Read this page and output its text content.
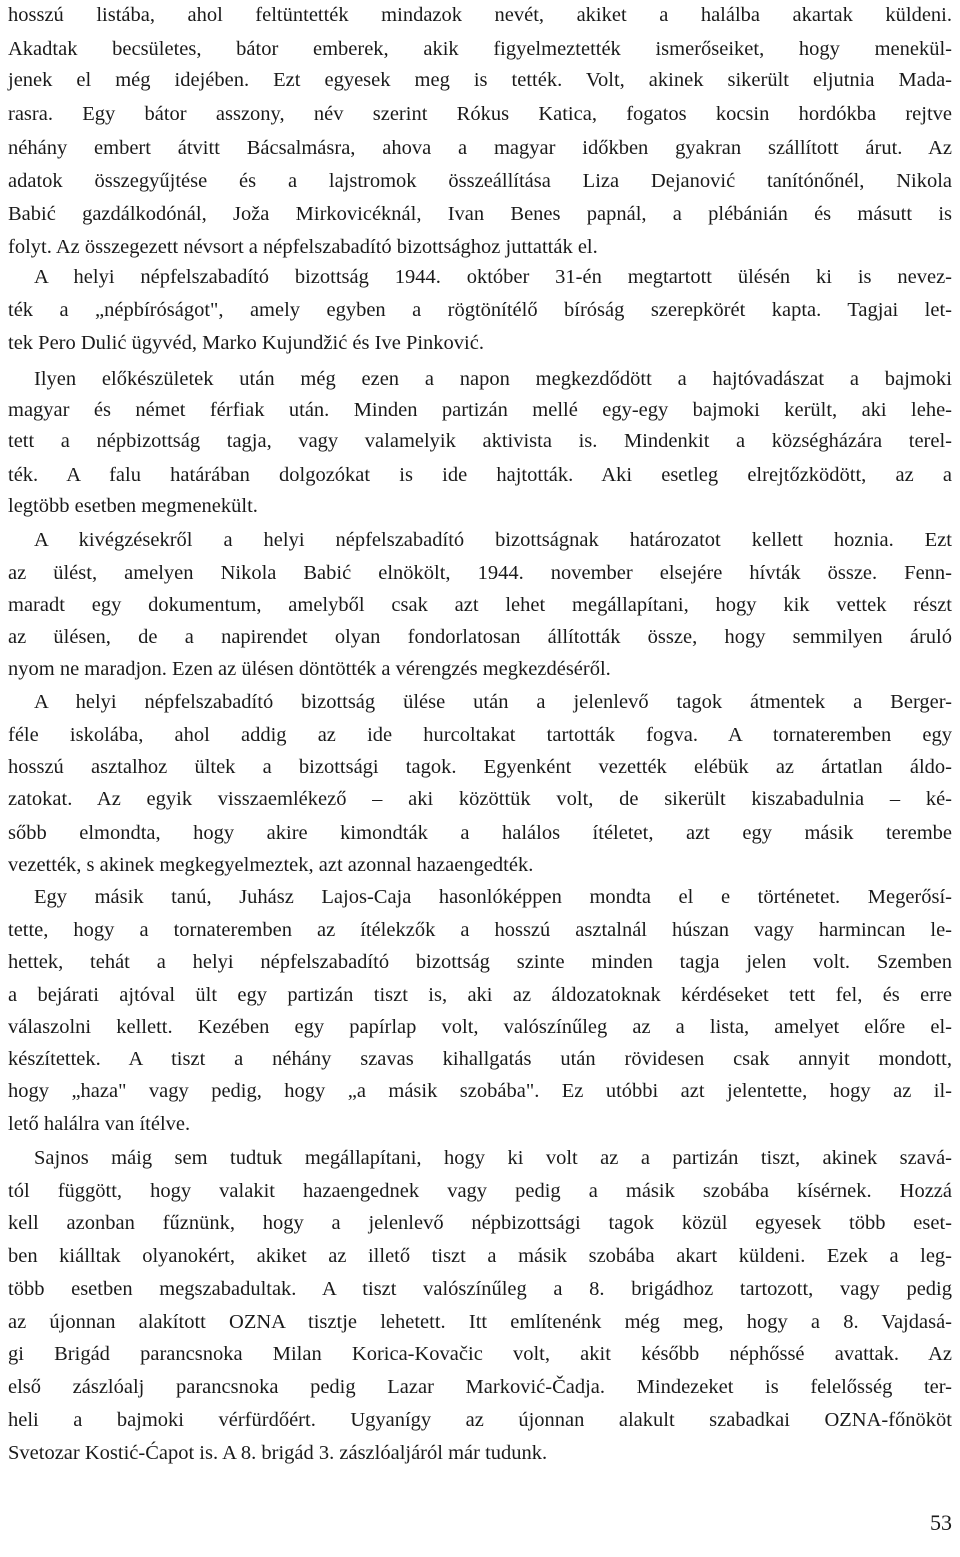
hosszú listába, ahol feltüntették mindazok nevét, akiket a halálba akartak küldeni.
Akadtak becsületes, bátor emberek, akik figyelmeztették ismerőseiket, hogy menekül-
jenek el még idejében. Ezt egyesek meg is tették. Volt, akinek sikerült eljutnia Mada-
rasra. Egy bátor asszony, név szerint Rókus Katica, fogatos kocsin hordókba rejtve
néhány embert átvitt Bácsalmásra, ahova a magyar időkben gyakran szállított árut. Az
adatok összegyűjtése és a lajstromok összeállítása Liza Dejanović tanítónőnél, Nikola
Babić gazdálkodónál, Joža Mirkovicéknál, Ivan Benes papnál, a plébánián és másutt is
folyt. Az összegezett névsort a népfelszabadító bizottsághoz juttatták el.
A helyi népfelszabadító bizottság 1944. október 31-én megtartott ülésén ki is nevez-
ték a „népbíróságot", amely egyben a rögtönítélő bíróság szerepkörét kapta. Tagjai let-
tek Pero Dulić ügyvéd, Marko Kujundžić és Ive Pinković.
Ilyen előkészületek után még ezen a napon megkezdődött a hajtóvadászat a bajmoki
magyar és német férfiak után. Minden partizán mellé egy-egy bajmoki került, aki lehe-
tett a népbizottság tagja, vagy valamelyik aktivista is. Mindenkit a községházára terel-
ték. A falu határában dolgozókat is ide hajtották. Aki esetleg elrejtőzködött, az a
legtöbb esetben megmenekült.
A kivégzésekről a helyi népfelszabadító bizottságnak határozatot kellett hoznia. Ezt
az ülést, amelyen Nikola Babić elnökölt, 1944. november elsejére hívták össze. Fenn-
maradt egy dokumentum, amelyből csak azt lehet megállapítani, hogy kik vettek részt
az ülésen, de a napirendet olyan fondorlatosan állították össze, hogy semmilyen áruló
nyom ne maradjon. Ezen az ülésen döntötték a vérengzés megkezdéséről.
A helyi népfelszabadító bizottság ülése után a jelenlevő tagok átmentek a Berger-
féle iskolába, ahol addig az ide hurcoltakat tartották fogva. A tornateremben egy
hosszú asztalhoz ültek a bizottsági tagok. Egyenként vezették elébük az ártatlan áldo-
zatokat. Az egyik visszaemlékező – aki közöttük volt, de sikerült kiszabadulnia – ké-
sőbb elmondta, hogy akire kimondták a halálos ítéletet, azt egy másik terembe
vezették, s akinek megkegyelmeztek, azt azonnal hazaengedték.
Egy másik tanú, Juhász Lajos-Caja hasonlóképpen mondta el e történetet. Megerősí-
tette, hogy a tornateremben az ítélekzők a hosszú asztalnál húszan vagy harmincan le-
hettek, tehát a helyi népfelszabadító bizottság szinte minden tagja jelen volt. Szemben
a bejárati ajtóval ült egy partizán tiszt is, aki az áldozatoknak kérdéseket tett fel, és erre
válaszolni kellett. Kezében egy papírlap volt, valószínűleg az a lista, amelyet előre el-
készítettek. A tiszt a néhány szavas kihallgatás után rövidesen csak annyit mondott,
hogy „haza" vagy pedig, hogy „a másik szobába". Ez utóbbi azt jelentette, hogy az il-
lető halálra van ítélve.
Sajnos máig sem tudtuk megállapítani, hogy ki volt az a partizán tiszt, akinek szavá-
tól függött, hogy valakit hazaengednek vagy pedig a másik szobába kísérnek. Hozzá
kell azonban fűznünk, hogy a jelenlevő népbizottsági tagok közül egyesek több eset-
ben kiálltak olyanokért, akiket az illető tiszt a másik szobába akart küldeni. Ezek a leg-
több esetben megszabadultak. A tiszt valószínűleg a 8. brigádhoz tartozott, vagy pedig
az újonnan alakított OZNA tisztje lehetett. Itt említenénk még meg, hogy a 8. Vajdasá-
gi Brigád parancsnoka Milan Korica-Kovačic volt, akit később néphőssé avattak. Az
első zászlóalj parancsnoka pedig Lazar Marković-Čadja. Mindezeket is felelősség ter-
heli a bajmoki vérfürdőért. Ugyanígy az újonnan alakult szabadkai OZNA-főnököt
Svetozar Kostić-Ćapot is. A 8. brigád 3. zászlóaljáról már tudunk.
53
